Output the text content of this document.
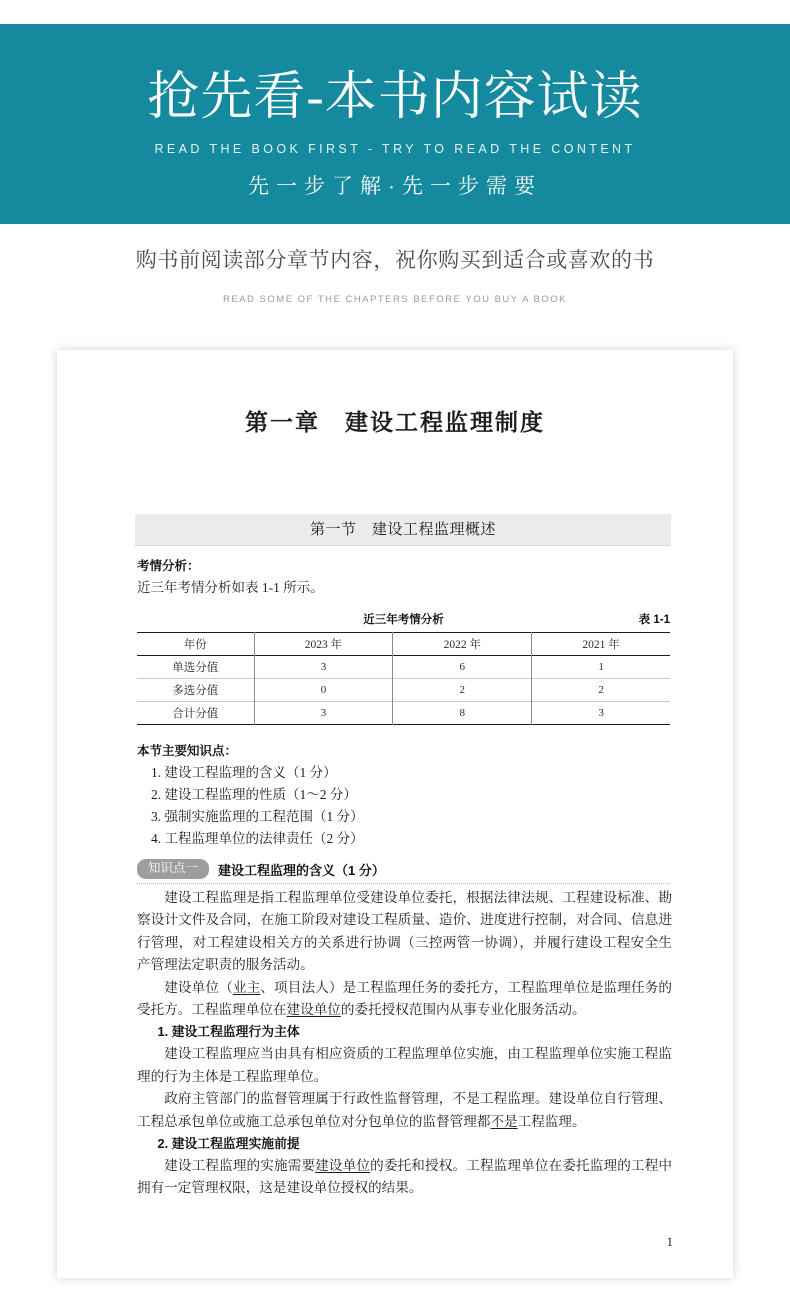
抢先看-本书内容试读
READ THE BOOK FIRST - TRY TO READ THE CONTENT
先一步了解·先一步需要
购书前阅读部分章节内容，祝你购买到适合或喜欢的书
READ SOME OF THE CHAPTERS BEFORE YOU BUY A BOOK
第一章　建设工程监理制度
第一节　建设工程监理概述
考情分析：
近三年考情分析如表 1-1 所示。
近三年考情分析	表 1-1
年份	2023 年	2022 年	2021 年
单选分值	3	6	1
多选分值	0	2	2
合计分值	3	8	3
本节主要知识点：
1. 建设工程监理的含义（1 分）
2. 建设工程监理的性质（1～2 分）
3. 强制实施监理的工程范围（1 分）
4. 工程监理单位的法律责任（2 分）
知识点一	建设工程监理的含义（1 分）

建设工程监理是指工程监理单位受建设单位委托，根据法律法规、工程建设标准、勘察设计文件及合同，在施工阶段对建设工程质量、造价、进度进行控制，对合同、信息进行管理，对工程建设相关方的关系进行协调（三控两管一协调），并履行建设工程安全生产管理法定职责的服务活动。

建设单位（业主、项目法人）是工程监理任务的委托方，工程监理单位是监理任务的受托方。工程监理单位在建设单位的委托授权范围内从事专业化服务活动。

1. 建设工程监理行为主体

建设工程监理应当由具有相应资质的工程监理单位实施，由工程监理单位实施工程监理的行为主体是工程监理单位。

政府主管部门的监督管理属于行政性监督管理，不是工程监理。建设单位自行管理、工程总承包单位或施工总承包单位对分包单位的监督管理都不是工程监理。

2. 建设工程监理实施前提

建设工程监理的实施需要建设单位的委托和授权。工程监理单位在委托监理的工程中拥有一定管理权限，这是建设单位授权的结果。

1
